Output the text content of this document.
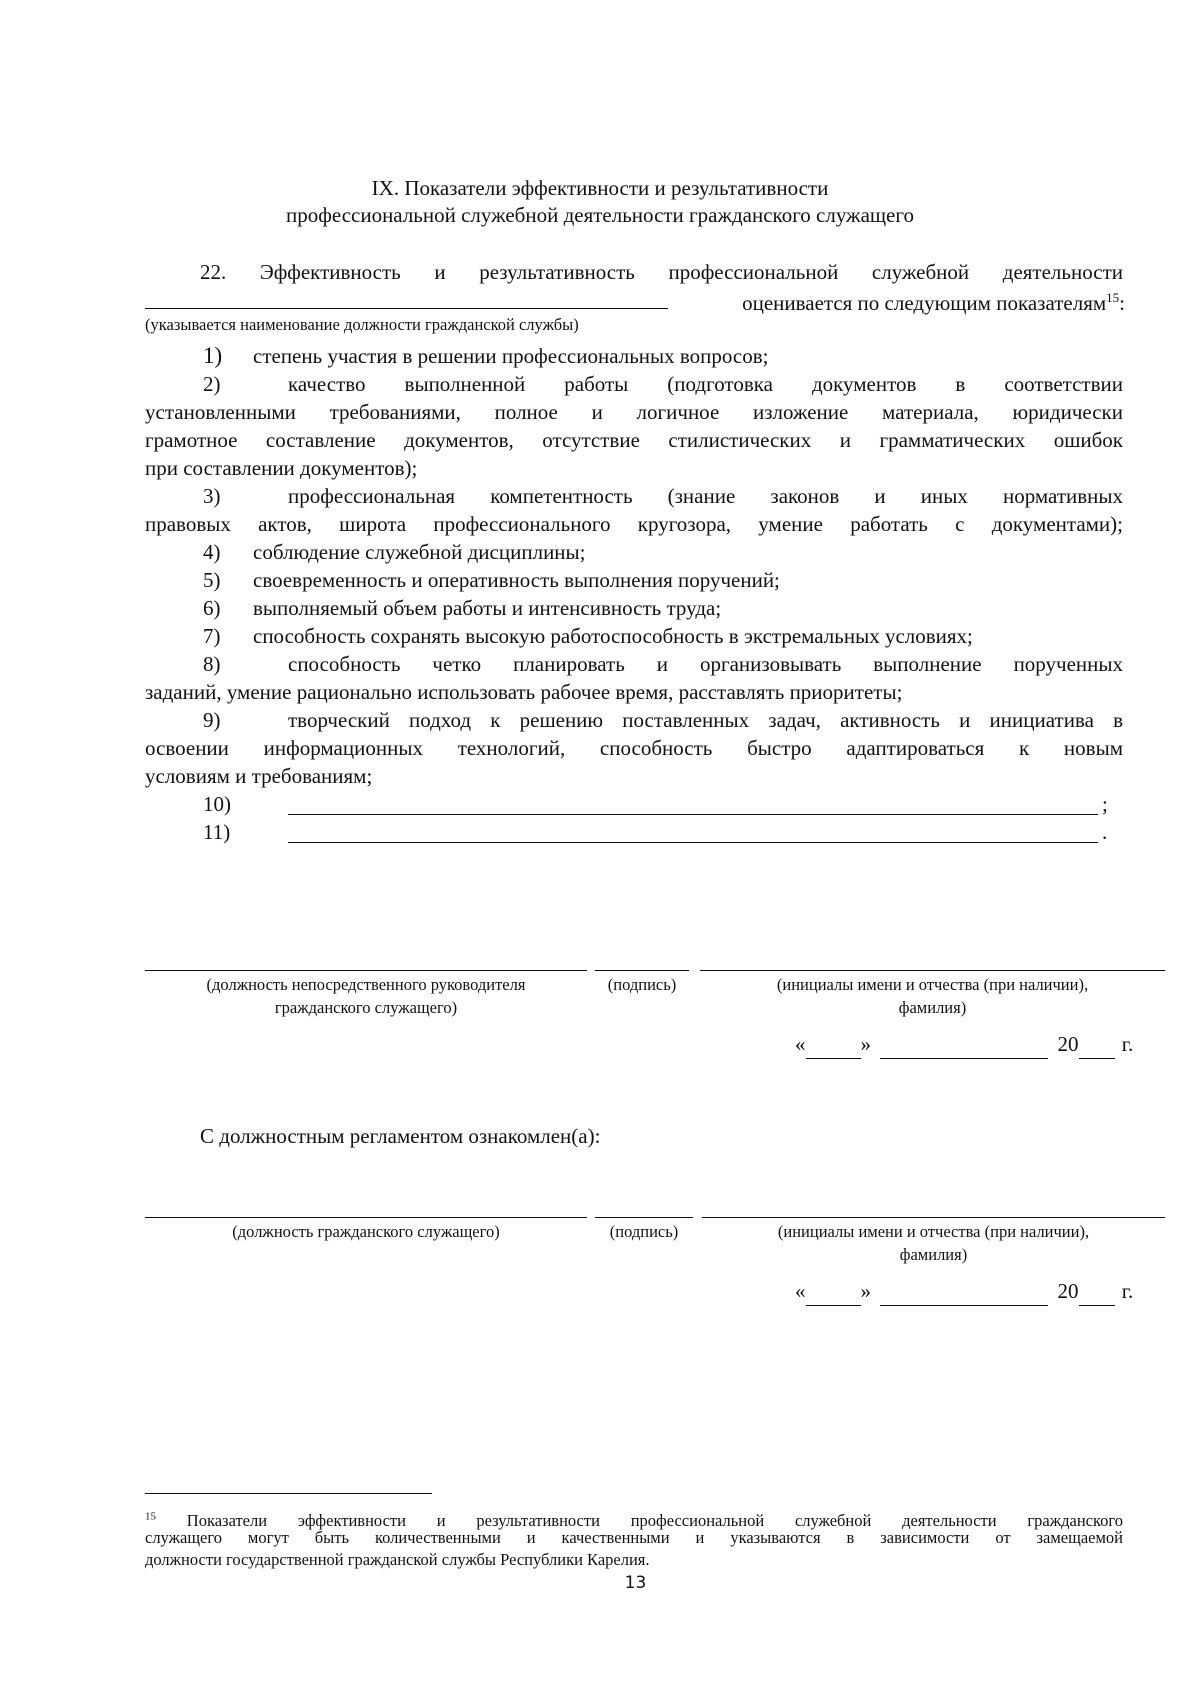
IX. Показатели эффективности и результативности
профессиональной служебной деятельности гражданского служащего
22. Эффективность и результативность профессиональной служебной деятельности
оценивается по следующим показателям$^{15}$:
(указывается наименование должности гражданской службы)
1) степень участия в решении профессиональных вопросов;
2)	качество выполненной работы (подготовка документов в соответствии
установленными требованиями, полное и логичное изложение материала, юридически
грамотное составление документов, отсутствие стилистических и грамматических ошибок
при составлении документов);
3)	профессиональная компетентность (знание законов и иных нормативных
правовых актов, широта профессионального кругозора, умение работать с документами);
4) соблюдение служебной дисциплины;
5) своевременность и оперативность выполнения поручений;
6) выполняемый объем работы и интенсивность труда;
7) способность сохранять высокую работоспособность в экстремальных условиях;
8)	способность четко планировать и организовывать выполнение порученных
заданий, умение рационально использовать рабочее время, расставлять приоритеты;
9)	творческий подход к решению поставленных задач, активность и инициатива в
освоении информационных технологий, способность быстро адаптироваться к новым
условиям и требованиям;
10)	;
11)	.
(должность непосредственного руководителя
гражданского служащего)
(подпись)	(инициалы имени и отчества (при наличии),
фамилия)
«	»	20 г.
С должностным регламентом ознакомлен(а):
(должность гражданского служащего)	(подпись)	(инициалы имени и отчества (при наличии),
фамилия)
«	»	20 г.
$^{15}$ Показатели эффективности и результативности профессиональной служебной деятельности гражданского
служащего могут быть количественными и качественными и указываются в зависимости от замещаемой
должности государственной гражданской службы Республики Карелия.
13
